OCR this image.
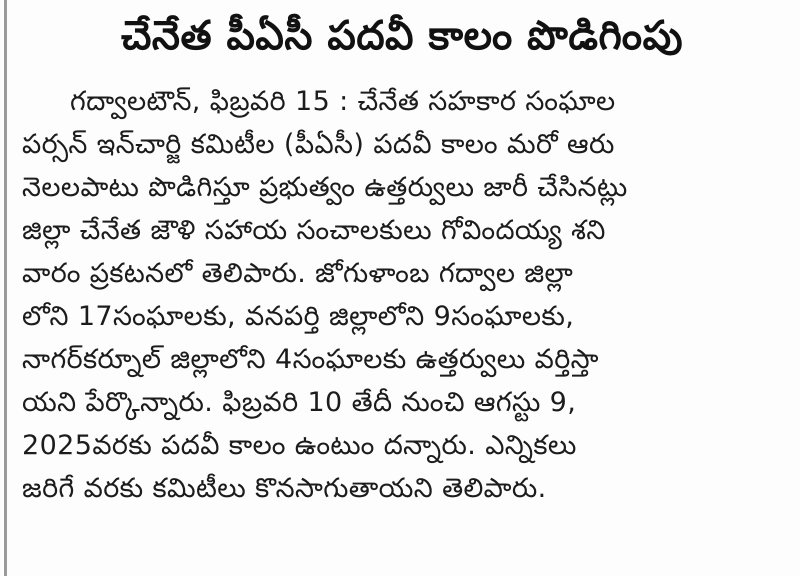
చేనేత పీఏసీ పదవీ కాలం పొడిగింపు
గద్వాలటౌన్, ఫిబ్రవరి 15 : చేనేత సహకార సంఘాల
పర్సన్ ఇన్‌చార్జి కమిటీల (పీఏసీ) పదవీ కాలం మరో ఆరు
నెలలపాటు పొడిగిస్తూ ప్రభుత్వం ఉత్తర్వులు జారీ చేసినట్లు
జిల్లా చేనేత జౌళి సహాయ సంచాలకులు గోవిందయ్య శని
వారం ప్రకటనలో తెలిపారు. జోగుళాంబ గద్వాల జిల్లా
లోని 17సంఘాలకు, వనపర్తి జిల్లాలోని 9సంఘాలకు,
నాగర్‌కర్నూల్ జిల్లాలోని 4సంఘాలకు ఉత్తర్వులు వర్తిస్తా
యని పేర్కొన్నారు. ఫిబ్రవరి 10 తేదీ నుంచి ఆగస్టు 9,
2025వరకు పదవీ కాలం ఉంటుం దన్నారు. ఎన్నికలు
జరిగే వరకు కమిటీలు కొనసాగుతాయని తెలిపారు.
